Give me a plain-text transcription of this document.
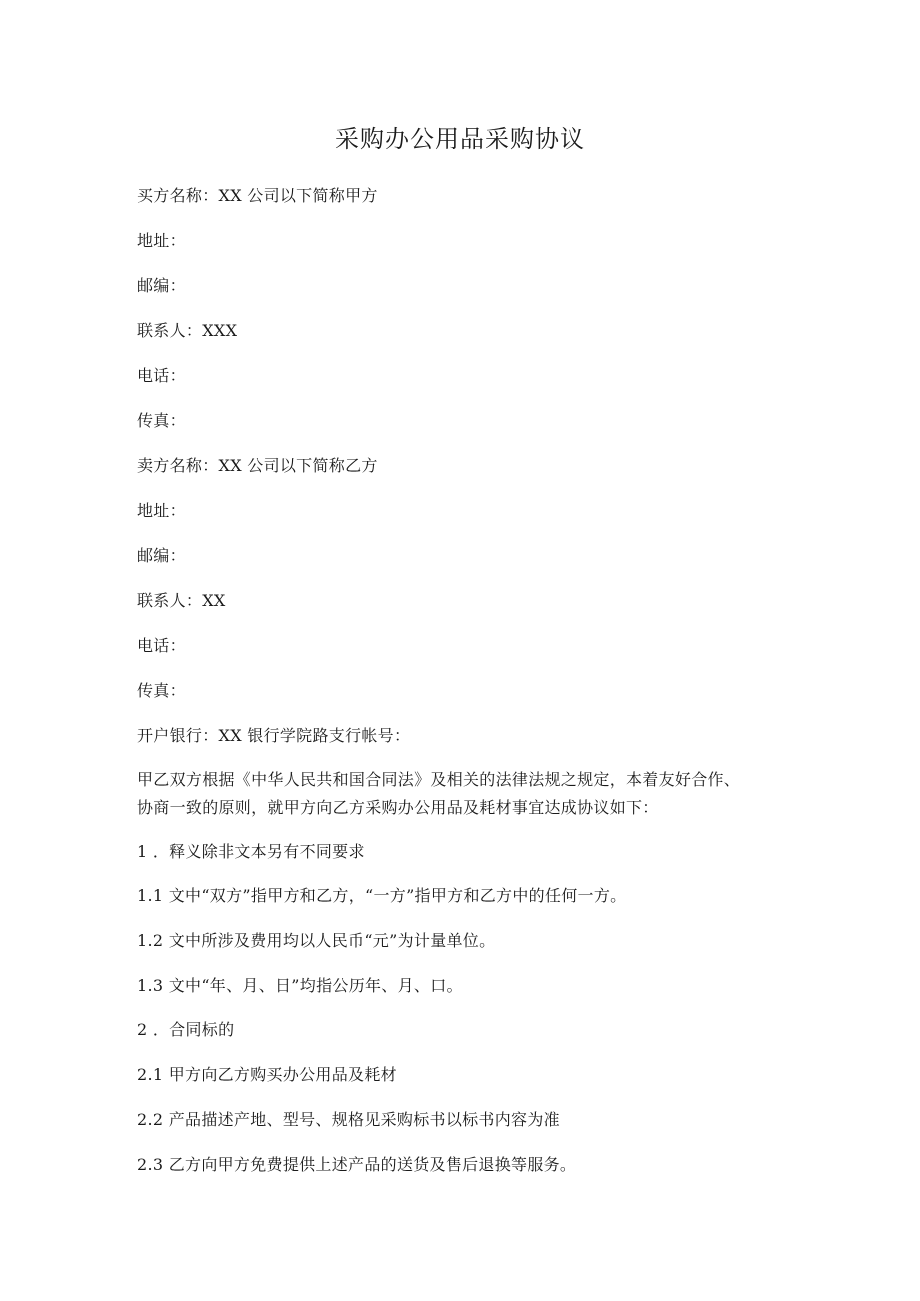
采购办公用品采购协议
买方名称：XX 公司以下简称甲方
地址：
邮编：
联系人：XXX
电话：
传真：
卖方名称：XX 公司以下简称乙方
地址：
邮编：
联系人：XX
电话：
传真：
开户银行：XX 银行学院路支行帐号：
甲乙双方根据《中华人民共和国合同法》及相关的法律法规之规定，本着友好合作、
协商一致的原则，就甲方向乙方采购办公用品及耗材事宜达成协议如下：
1 ．释义除非文本另有不同要求
1.1 文中“双方”指甲方和乙方，“一方”指甲方和乙方中的任何一方。
1.2 文中所涉及费用均以人民币“元”为计量单位。
1.3 文中“年、月、日”均指公历年、月、口。
2 ．合同标的
2.1 甲方向乙方购买办公用品及耗材
2.2 产品描述产地、型号、规格见采购标书以标书内容为准
2.3 乙方向甲方免费提供上述产品的送货及售后退换等服务。
